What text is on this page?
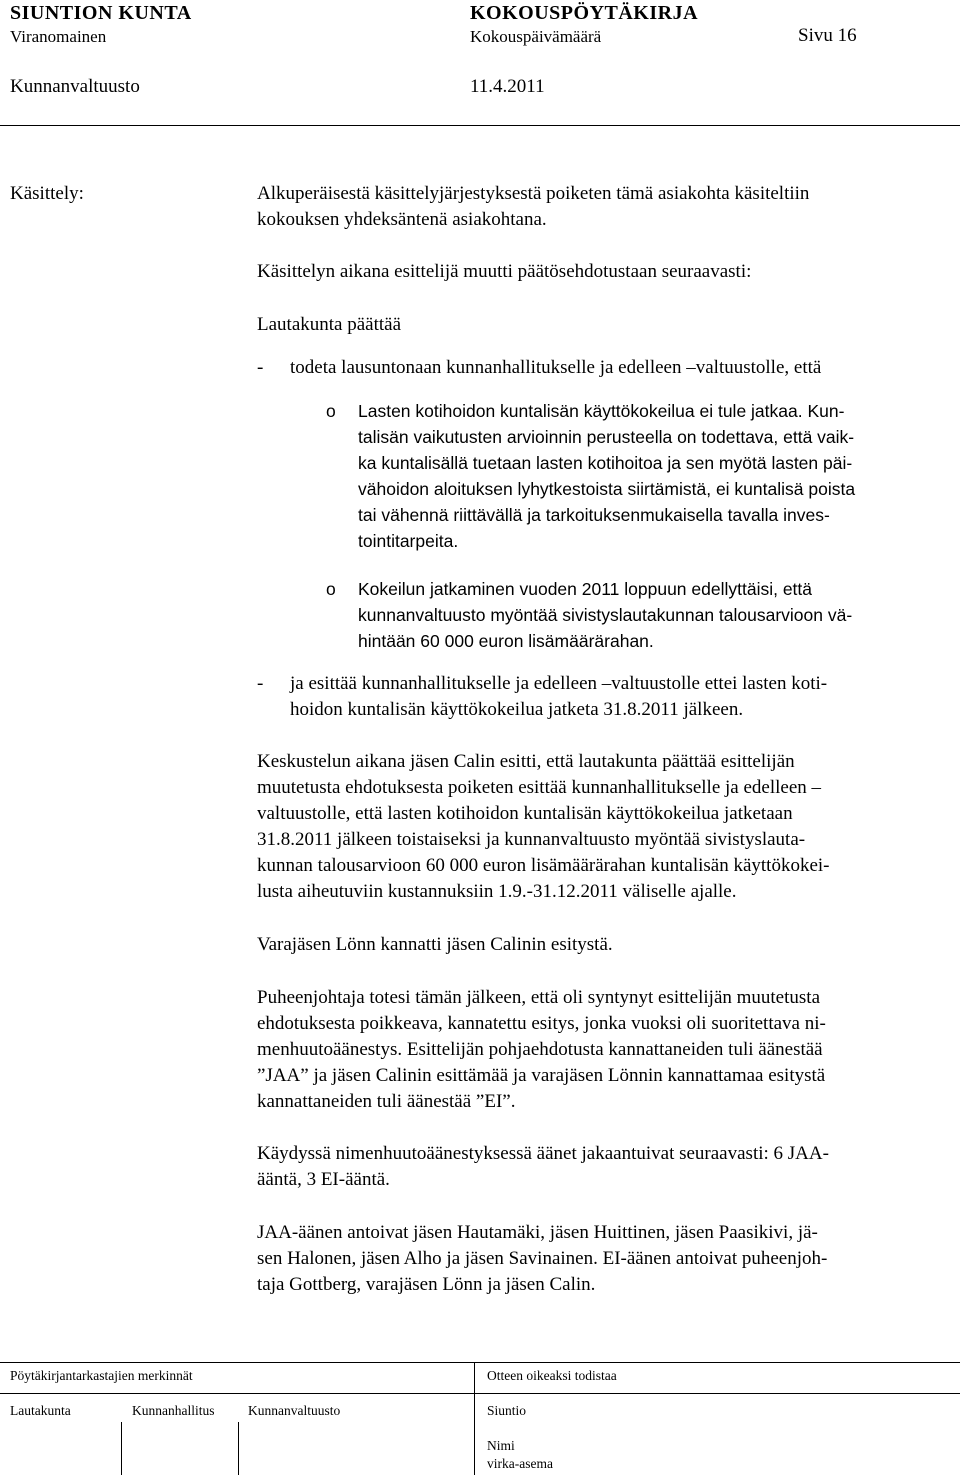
SIUNTION KUNTA	KOKOUSPÖYTÄKIRJA
Viranomainen	Kokouspäivämäärä	Sivu 16
Kunnanvaltuusto	11.4.2011
Käsittely:	Alkuperäisestä käsittelyjärjestyksestä poiketen tämä asiakohta käsiteltiin
kokouksen yhdeksäntenä asiakohtana.
Käsittelyn aikana esittelijä muutti päätösehdotustaan seuraavasti:
Lautakunta päättää
- todeta lausuntonaan kunnanhallitukselle ja edelleen –valtuustolle, että
o Lasten kotihoidon kuntalisän käyttökokeilua ei tule jatkaa. Kun-
talisän vaikutusten arvioinnin perusteella on todettava, että vaik-
ka kuntalisällä tuetaan lasten kotihoitoa ja sen myötä lasten päi-
vähoidon aloituksen lyhytkestoista siirtämistä, ei kuntalisä poista
tai vähennä riittävällä ja tarkoituksenmukaisella tavalla inves-
tointitarpeita.
o Kokeilun jatkaminen vuoden 2011 loppuun edellyttäisi, että
kunnanvaltuusto myöntää sivistyslautakunnan talousarvioon vä-
hintään 60 000 euron lisämäärärahan.
- ja esittää kunnanhallitukselle ja edelleen –valtuustolle ettei lasten koti-
hoidon kuntalisän käyttökokeilua jatketa 31.8.2011 jälkeen.
Keskustelun aikana jäsen Calin esitti, että lautakunta päättää esittelijän
muutetusta ehdotuksesta poiketen esittää kunnanhallitukselle ja edelleen –
valtuustolle, että lasten kotihoidon kuntalisän käyttökokeilua jatketaan
31.8.2011 jälkeen toistaiseksi ja kunnanvaltuusto myöntää sivistyslauta-
kunnan talousarvioon 60 000 euron lisämäärärahan kuntalisän käyttökokei-
lusta aiheutuviin kustannuksiin 1.9.-31.12.2011 väliselle ajalle.
Varajäsen Lönn kannatti jäsen Calinin esitystä.
Puheenjohtaja totesi tämän jälkeen, että oli syntynyt esittelijän muutetusta
ehdotuksesta poikkeava, kannatettu esitys, jonka vuoksi oli suoritettava ni-
menhuutoäänestys. Esittelijän pohjaehdotusta kannattaneiden tuli äänestää
”JAA” ja jäsen Calinin esittämää ja varajäsen Lönnin kannattamaa esitystä
kannattaneiden tuli äänestää ”EI”.
Käydyssä nimenhuutoäänestyksessä äänet jakaantuivat seuraavasti: 6 JAA-
ääntä, 3 EI-ääntä.
JAA-äänen antoivat jäsen Hautamäki, jäsen Huittinen, jäsen Paasikivi, jä-
sen Halonen, jäsen Alho ja jäsen Savinainen. EI-äänen antoivat puheenjoh-
taja Gottberg, varajäsen Lönn ja jäsen Calin.
Pöytäkirjantarkastajien merkinnät	Otteen oikeaksi todistaa
Lautakunta	Kunnanhallitus Kunnanvaltuusto	Siuntio
Nimi
virka-asema
